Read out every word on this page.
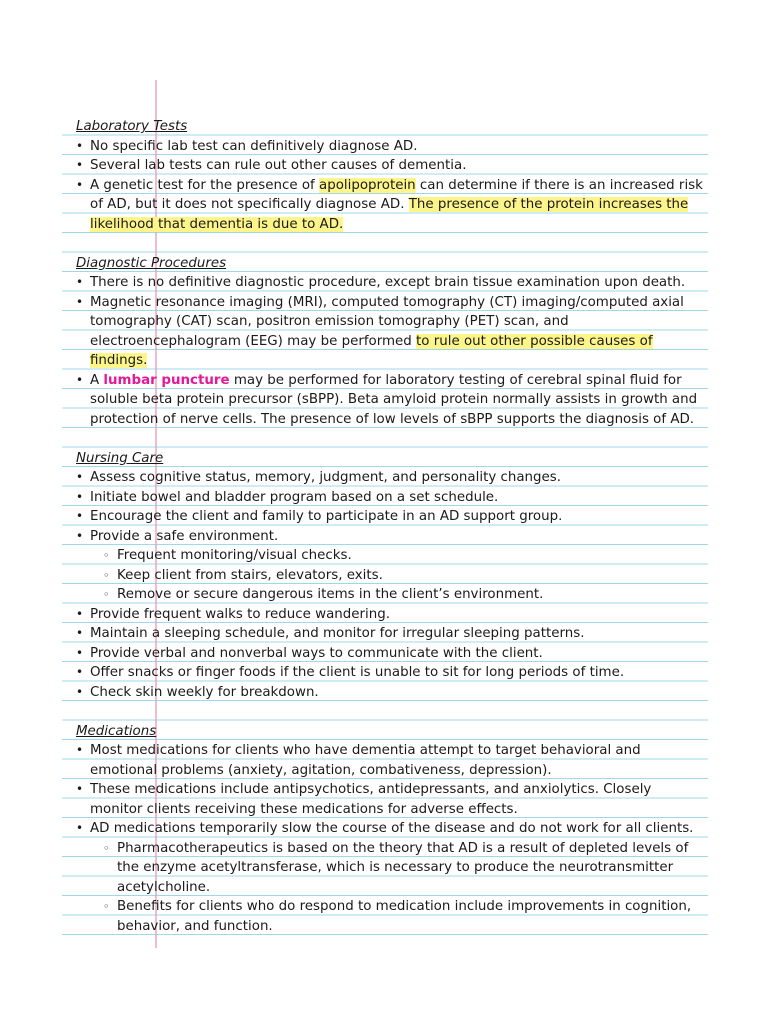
Laboratory Tests
• No specific lab test can definitively diagnose AD.
• Several lab tests can rule out other causes of dementia.
• A genetic test for the presence of apolipoprotein can determine if there is an increased risk of AD, but it does not specifically diagnose AD. The presence of the protein increases the likelihood that dementia is due to AD.
Diagnostic Procedures
• There is no definitive diagnostic procedure, except brain tissue examination upon death.
• Magnetic resonance imaging (MRI), computed tomography (CT) imaging/computed axial tomography (CAT) scan, positron emission tomography (PET) scan, and electroencephalogram (EEG) may be performed to rule out other possible causes of findings.
• A lumbar puncture may be performed for laboratory testing of cerebral spinal fluid for soluble beta protein precursor (sBPP). Beta amyloid protein normally assists in growth and protection of nerve cells. The presence of low levels of sBPP supports the diagnosis of AD.
Nursing Care
• Assess cognitive status, memory, judgment, and personality changes.
• Initiate bowel and bladder program based on a set schedule.
• Encourage the client and family to participate in an AD support group.
• Provide a safe environment.
◦ Frequent monitoring/visual checks.
◦ Keep client from stairs, elevators, exits.
◦ Remove or secure dangerous items in the client’s environment.
• Provide frequent walks to reduce wandering.
• Maintain a sleeping schedule, and monitor for irregular sleeping patterns.
• Provide verbal and nonverbal ways to communicate with the client.
• Offer snacks or finger foods if the client is unable to sit for long periods of time.
• Check skin weekly for breakdown.
Medications
• Most medications for clients who have dementia attempt to target behavioral and emotional problems (anxiety, agitation, combativeness, depression).
• These medications include antipsychotics, antidepressants, and anxiolytics. Closely monitor clients receiving these medications for adverse effects.
• AD medications temporarily slow the course of the disease and do not work for all clients.
◦ Pharmacotherapeutics is based on the theory that AD is a result of depleted levels of the enzyme acetyltransferase, which is necessary to produce the neurotransmitter acetylcholine.
◦ Benefits for clients who do respond to medication include improvements in cognition, behavior, and function.
